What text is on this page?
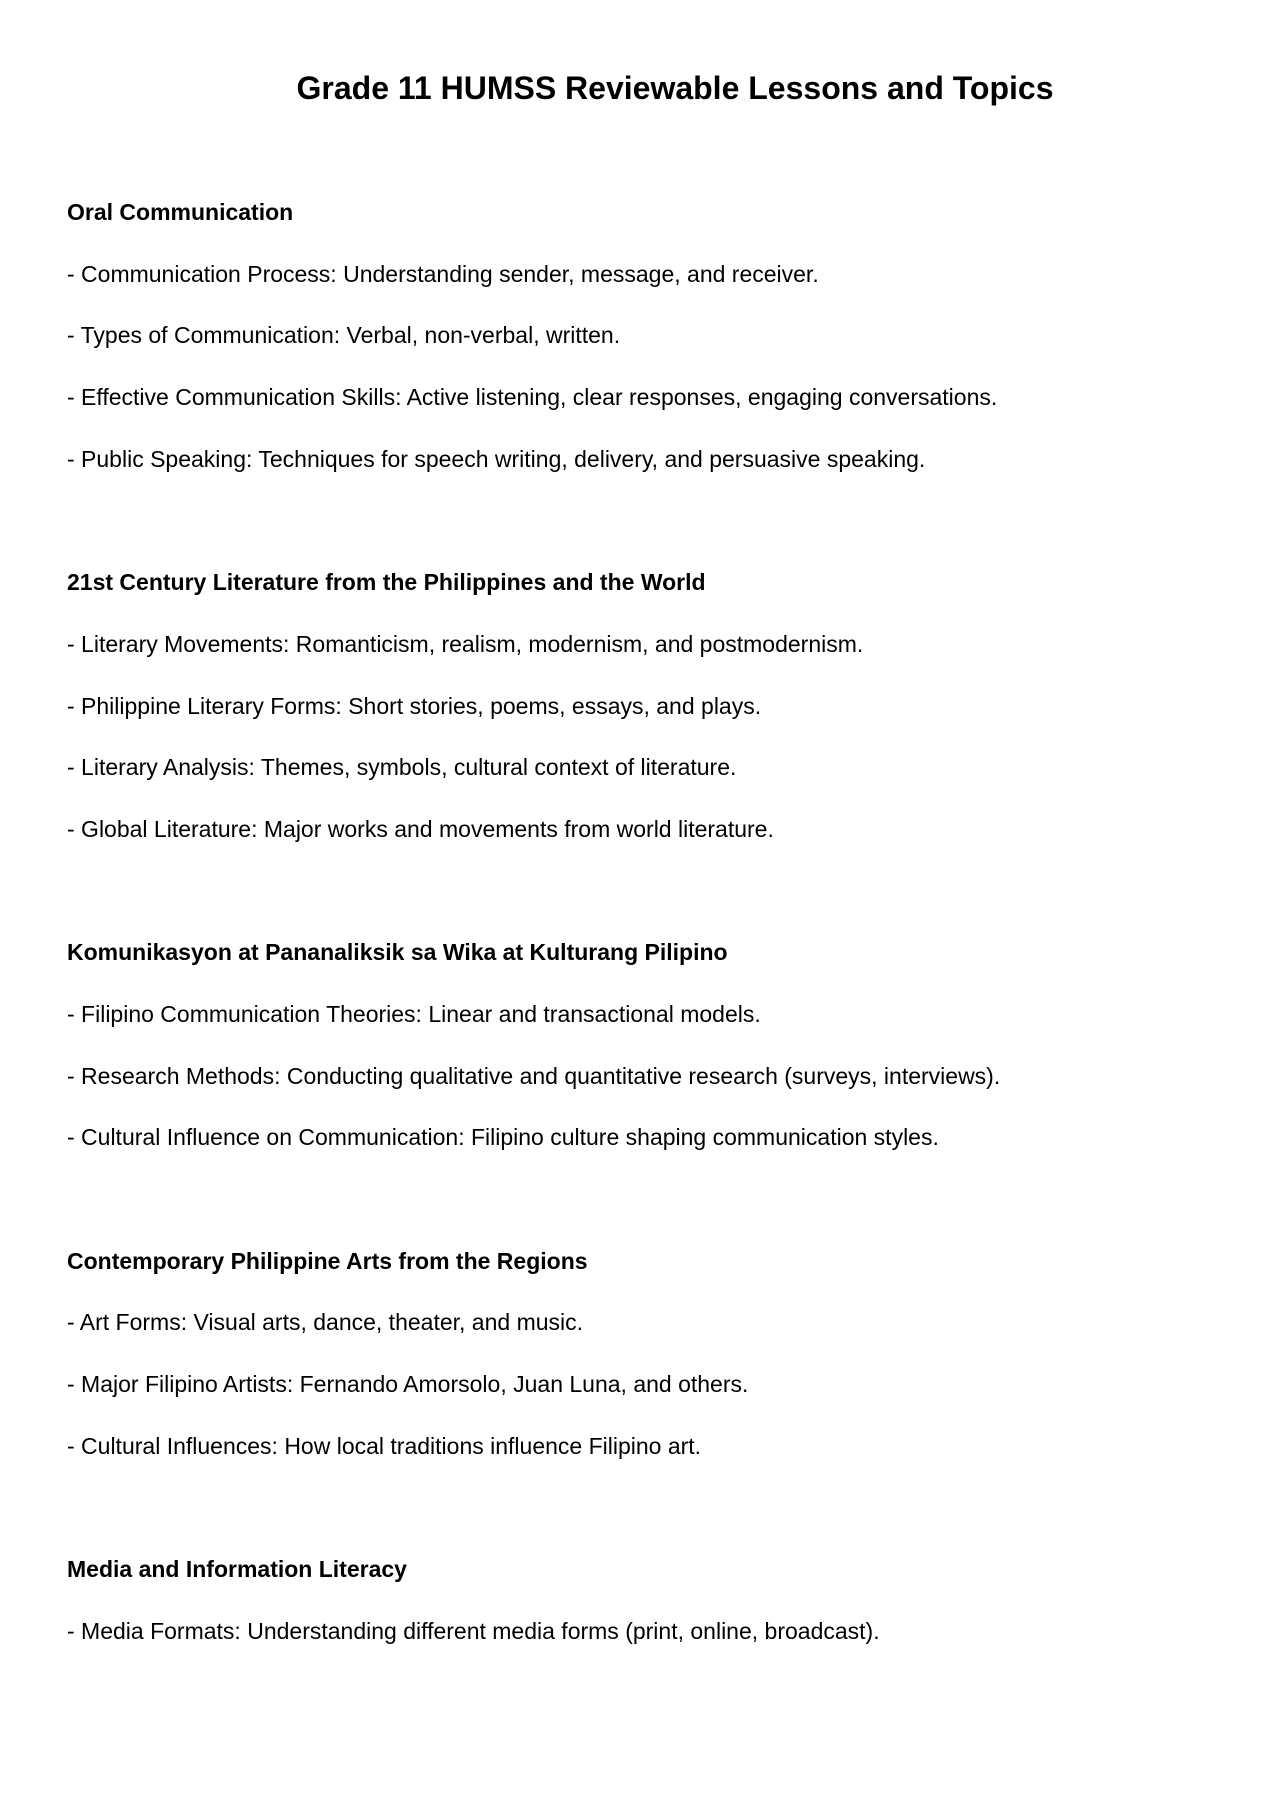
Grade 11 HUMSS Reviewable Lessons and Topics
Oral Communication
- Communication Process: Understanding sender, message, and receiver.
- Types of Communication: Verbal, non-verbal, written.
- Effective Communication Skills: Active listening, clear responses, engaging conversations.
- Public Speaking: Techniques for speech writing, delivery, and persuasive speaking.
21st Century Literature from the Philippines and the World
- Literary Movements: Romanticism, realism, modernism, and postmodernism.
- Philippine Literary Forms: Short stories, poems, essays, and plays.
- Literary Analysis: Themes, symbols, cultural context of literature.
- Global Literature: Major works and movements from world literature.
Komunikasyon at Pananaliksik sa Wika at Kulturang Pilipino
- Filipino Communication Theories: Linear and transactional models.
- Research Methods: Conducting qualitative and quantitative research (surveys, interviews).
- Cultural Influence on Communication: Filipino culture shaping communication styles.
Contemporary Philippine Arts from the Regions
- Art Forms: Visual arts, dance, theater, and music.
- Major Filipino Artists: Fernando Amorsolo, Juan Luna, and others.
- Cultural Influences: How local traditions influence Filipino art.
Media and Information Literacy
- Media Formats: Understanding different media forms (print, online, broadcast).
